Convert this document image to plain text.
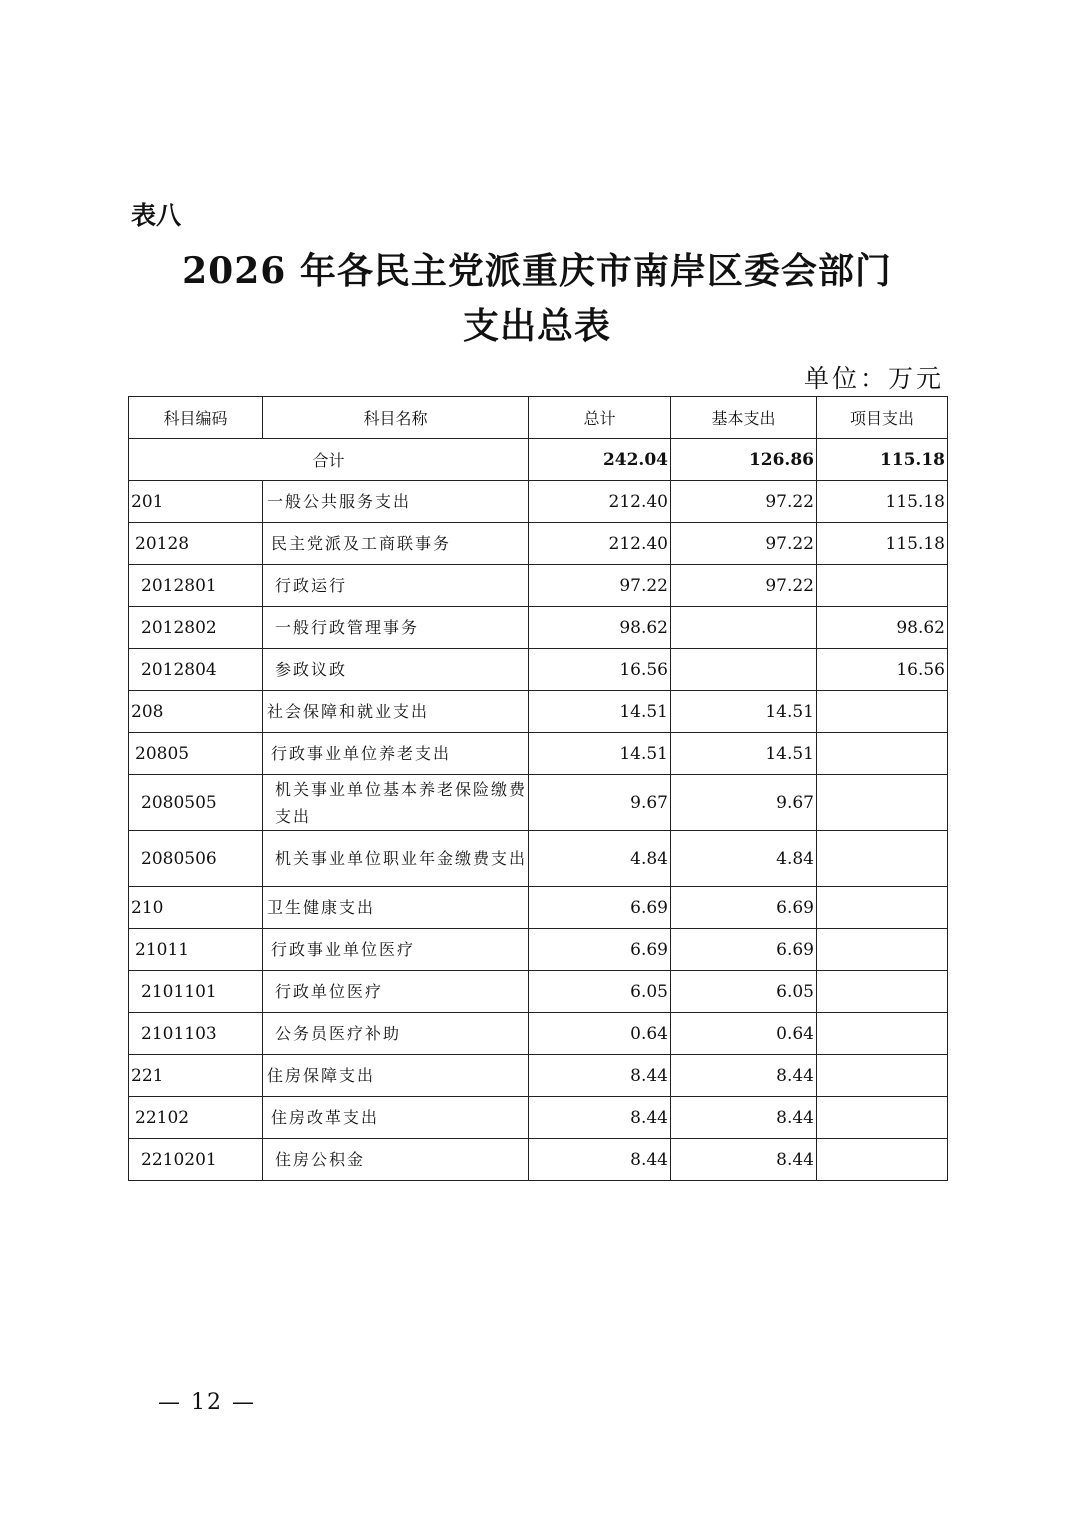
表八
2026 年各民主党派重庆市南岸区委会部门
支出总表
单位：万元
科目编码	科目名称	总计	基本支出	项目支出
合计		242.04	126.86	115.18
201	一般公共服务支出	212.40	97.22	115.18
20128	民主党派及工商联事务	212.40	97.22	115.18
2012801	行政运行	97.22	97.22	
2012802	一般行政管理事务	98.62		98.62
2012804	参政议政	16.56		16.56
208	社会保障和就业支出	14.51	14.51	
20805	行政事业单位养老支出	14.51	14.51	
2080505	机关事业单位基本养老保险缴费支出	9.67	9.67	
2080506	机关事业单位职业年金缴费支出	4.84	4.84	
210	卫生健康支出	6.69	6.69	
21011	行政事业单位医疗	6.69	6.69	
2101101	行政单位医疗	6.05	6.05	
2101103	公务员医疗补助	0.64	0.64	
221	住房保障支出	8.44	8.44	
22102	住房改革支出	8.44	8.44	
2210201	住房公积金	8.44	8.44	
— 12 —
